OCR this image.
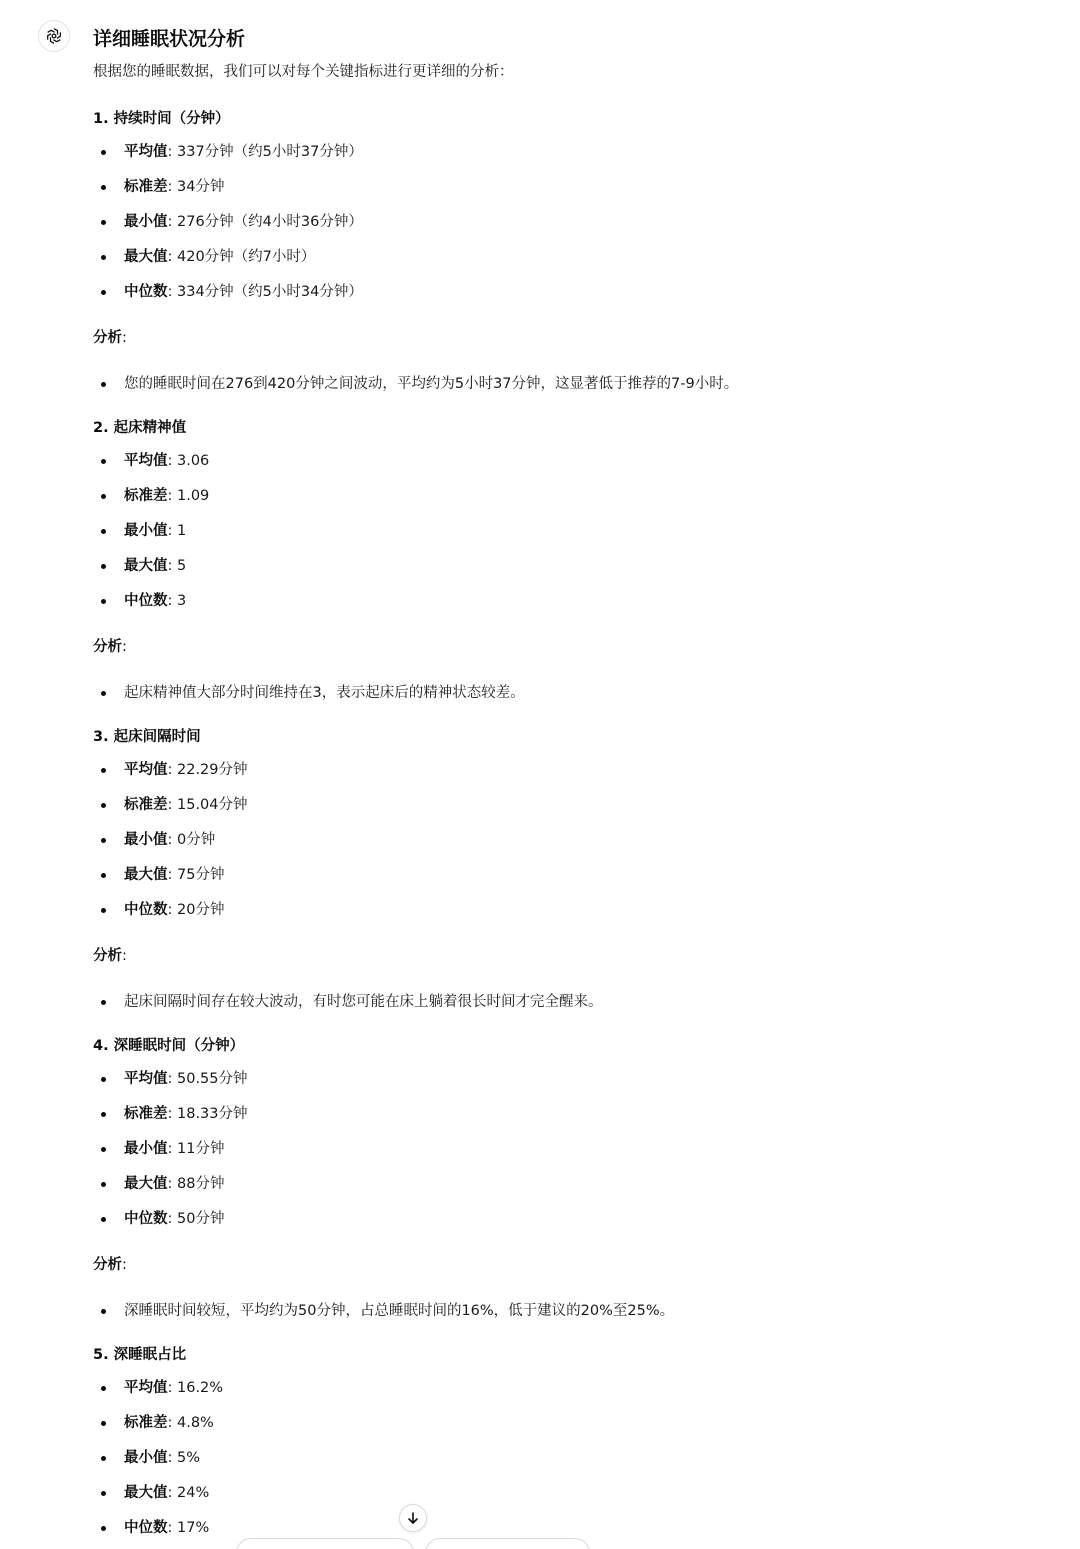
详细睡眠状况分析
根据您的睡眠数据，我们可以对每个关键指标进行更详细的分析：
1. 持续时间（分钟）
平均值: 337分钟（约5小时37分钟）
标准差: 34分钟
最小值: 276分钟（约4小时36分钟）
最大值: 420分钟（约7小时）
中位数: 334分钟（约5小时34分钟）
分析:
您的睡眠时间在276到420分钟之间波动，平均约为5小时37分钟，这显著低于推荐的7-9小时。
2. 起床精神值
平均值: 3.06
标准差: 1.09
最小值: 1
最大值: 5
中位数: 3
分析:
起床精神值大部分时间维持在3，表示起床后的精神状态较差。
3. 起床间隔时间
平均值: 22.29分钟
标准差: 15.04分钟
最小值: 0分钟
最大值: 75分钟
中位数: 20分钟
分析:
起床间隔时间存在较大波动，有时您可能在床上躺着很长时间才完全醒来。
4. 深睡眠时间（分钟）
平均值: 50.55分钟
标准差: 18.33分钟
最小值: 11分钟
最大值: 88分钟
中位数: 50分钟
分析:
深睡眠时间较短，平均约为50分钟，占总睡眠时间的16%，低于建议的20%至25%。
5. 深睡眠占比
平均值: 16.2%
标准差: 4.8%
最小值: 5%
最大值: 24%
中位数: 17%
